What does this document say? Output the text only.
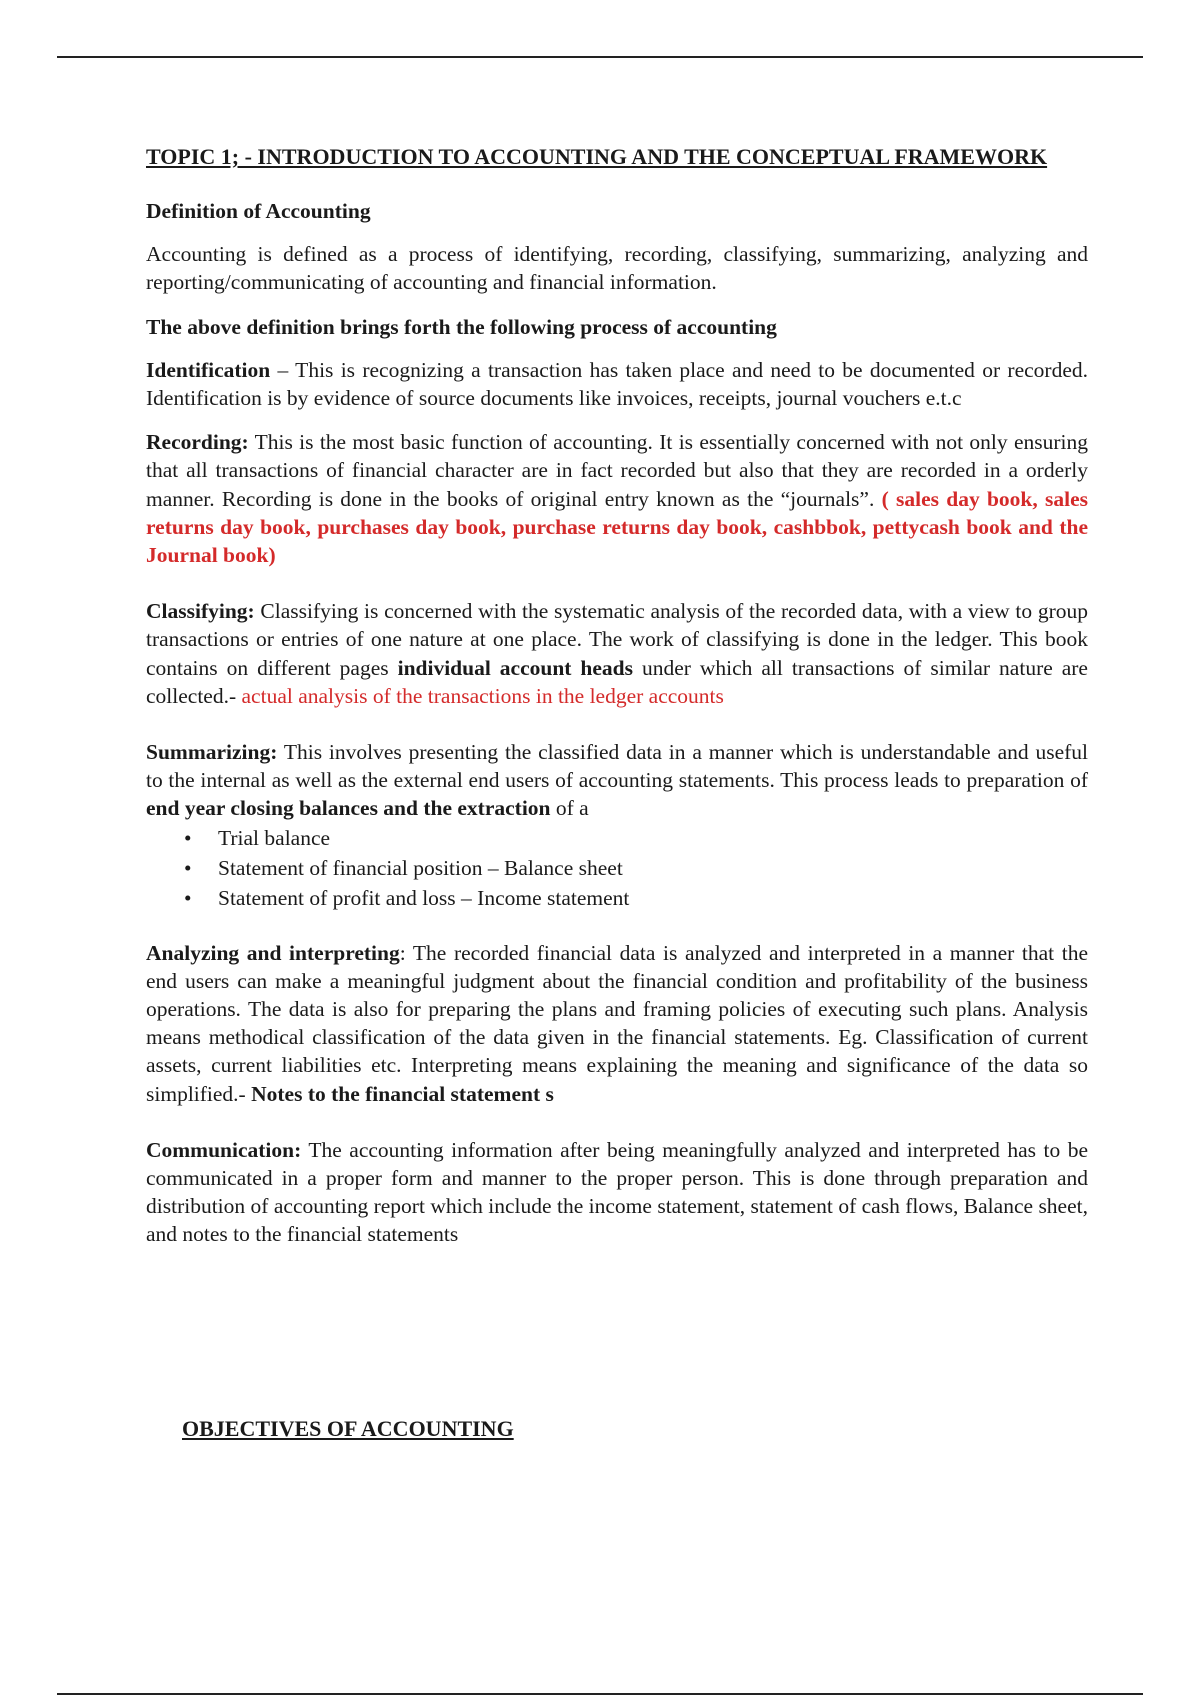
TOPIC 1; - INTRODUCTION TO ACCOUNTING AND THE CONCEPTUAL FRAMEWORK
Definition of Accounting

Accounting is defined as a process of identifying, recording, classifying, summarizing, analyzing and reporting/communicating of accounting and financial information.

The above definition brings forth the following process of accounting

Identification – This is recognizing a transaction has taken place and need to be documented or recorded. Identification is by evidence of source documents like invoices, receipts, journal vouchers e.t.c

Recording: This is the most basic function of accounting. It is essentially concerned with not only ensuring that all transactions of financial character are in fact recorded but also that they are recorded in a orderly manner. Recording is done in the books of original entry known as the “journals”. ( sales day book, sales returns day book, purchases day book, purchase returns day book, cashbbok, pettycash book and the Journal book)

Classifying: Classifying is concerned with the systematic analysis of the recorded data, with a view to group transactions or entries of one nature at one place. The work of classifying is done in the ledger. This book contains on different pages individual account heads under which all transactions of similar nature are collected.- actual analysis of the transactions in the ledger accounts

Summarizing: This involves presenting the classified data in a manner which is understandable and useful to the internal as well as the external end users of accounting statements. This process leads to preparation of end year closing balances and the extraction of a

• Trial balance
• Statement of financial position – Balance sheet
• Statement of profit and loss – Income statement

Analyzing and interpreting: The recorded financial data is analyzed and interpreted in a manner that the end users can make a meaningful judgment about the financial condition and profitability of the business operations. The data is also for preparing the plans and framing policies of executing such plans. Analysis means methodical classification of the data given in the financial statements. Eg. Classification of current assets, current liabilities etc. Interpreting means explaining the meaning and significance of the data so simplified.- Notes to the financial statement s

Communication: The accounting information after being meaningfully analyzed and interpreted has to be communicated in a proper form and manner to the proper person. This is done through preparation and distribution of accounting report which include the income statement, statement of cash flows, Balance sheet, and notes to the financial statements

OBJECTIVES OF ACCOUNTING
